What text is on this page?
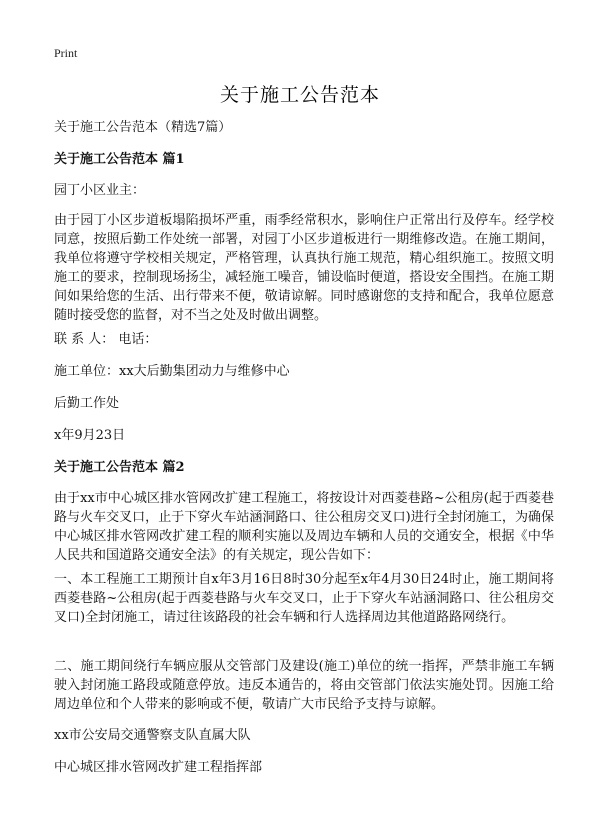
Print
关于施工公告范本
关于施工公告范本（精选7篇）
关于施工公告范本 篇1
园丁小区业主：
由于园丁小区步道板塌陷损坏严重，雨季经常积水，影响住户正常出行及停车。经学校同意，按照后勤工作处统一部署，对园丁小区步道板进行一期维修改造。在施工期间，我单位将遵守学校相关规定，严格管理，认真执行施工规范，精心组织施工。按照文明施工的要求，控制现场扬尘，减轻施工噪音，铺设临时便道，搭设安全围挡。在施工期间如果给您的生活、出行带来不便，敬请谅解。同时感谢您的支持和配合，我单位愿意随时接受您的监督，对不当之处及时做出调整。
联 系 人： 电话：
施工单位：xx大后勤集团动力与维修中心
后勤工作处
x年9月23日
关于施工公告范本 篇2
由于xx市中心城区排水管网改扩建工程施工，将按设计对西菱巷路~公租房(起于西菱巷路与火车交叉口，止于下穿火车站涵洞路口、往公租房交叉口)进行全封闭施工，为确保中心城区排水管网改扩建工程的顺利实施以及周边车辆和人员的交通安全，根据《中华人民共和国道路交通安全法》的有关规定，现公告如下：
一、本工程施工工期预计自x年3月16日8时30分起至x年4月30日24时止，施工期间将西菱巷路~公租房(起于西菱巷路与火车交叉口，止于下穿火车站涵洞路口、往公租房交叉口)全封闭施工，请过往该路段的社会车辆和行人选择周边其他道路路网绕行。
二、施工期间绕行车辆应服从交管部门及建设(施工)单位的统一指挥，严禁非施工车辆驶入封闭施工路段或随意停放。违反本通告的，将由交管部门依法实施处罚。因施工给周边单位和个人带来的影响或不便，敬请广大市民给予支持与谅解。
xx市公安局交通警察支队直属大队
中心城区排水管网改扩建工程指挥部
